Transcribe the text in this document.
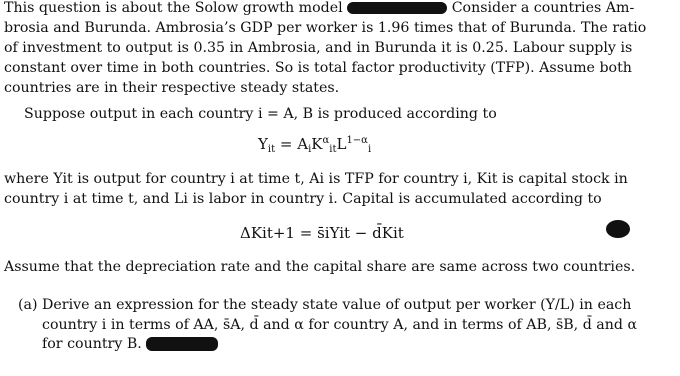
This question is about the Solow growth model	Consider a countries Am-
brosia and Burunda. Ambrosia’s GDP per worker is 1.96 times that of Burunda. The ratio
of investment to output is 0.35 in Ambrosia, and in Burunda it is 0.25. Labour supply is
constant over time in both countries. So is total factor productivity (TFP). Assume both
countries are in their respective steady states.
Suppose output in each country i = A, B is produced according to
$Y_{it} = A_iK^\alpha_{it}L^{1-\alpha}_i$
where Yit is output for country i at time t, Ai is TFP for country i, Kit is capital stock in
country i at time t, and Li is labor in country i. Capital is accumulated according to
ΔKit+1 = s̄iYit − d̄Kit
Assume that the depreciation rate and the capital share are same across two countries.
(a) Derive an expression for the steady state value of output per worker (Y/L) in each
country i in terms of AA, s̄A, d̄ and α for country A, and in terms of AB, s̄B, d̄ and α
for country B.
